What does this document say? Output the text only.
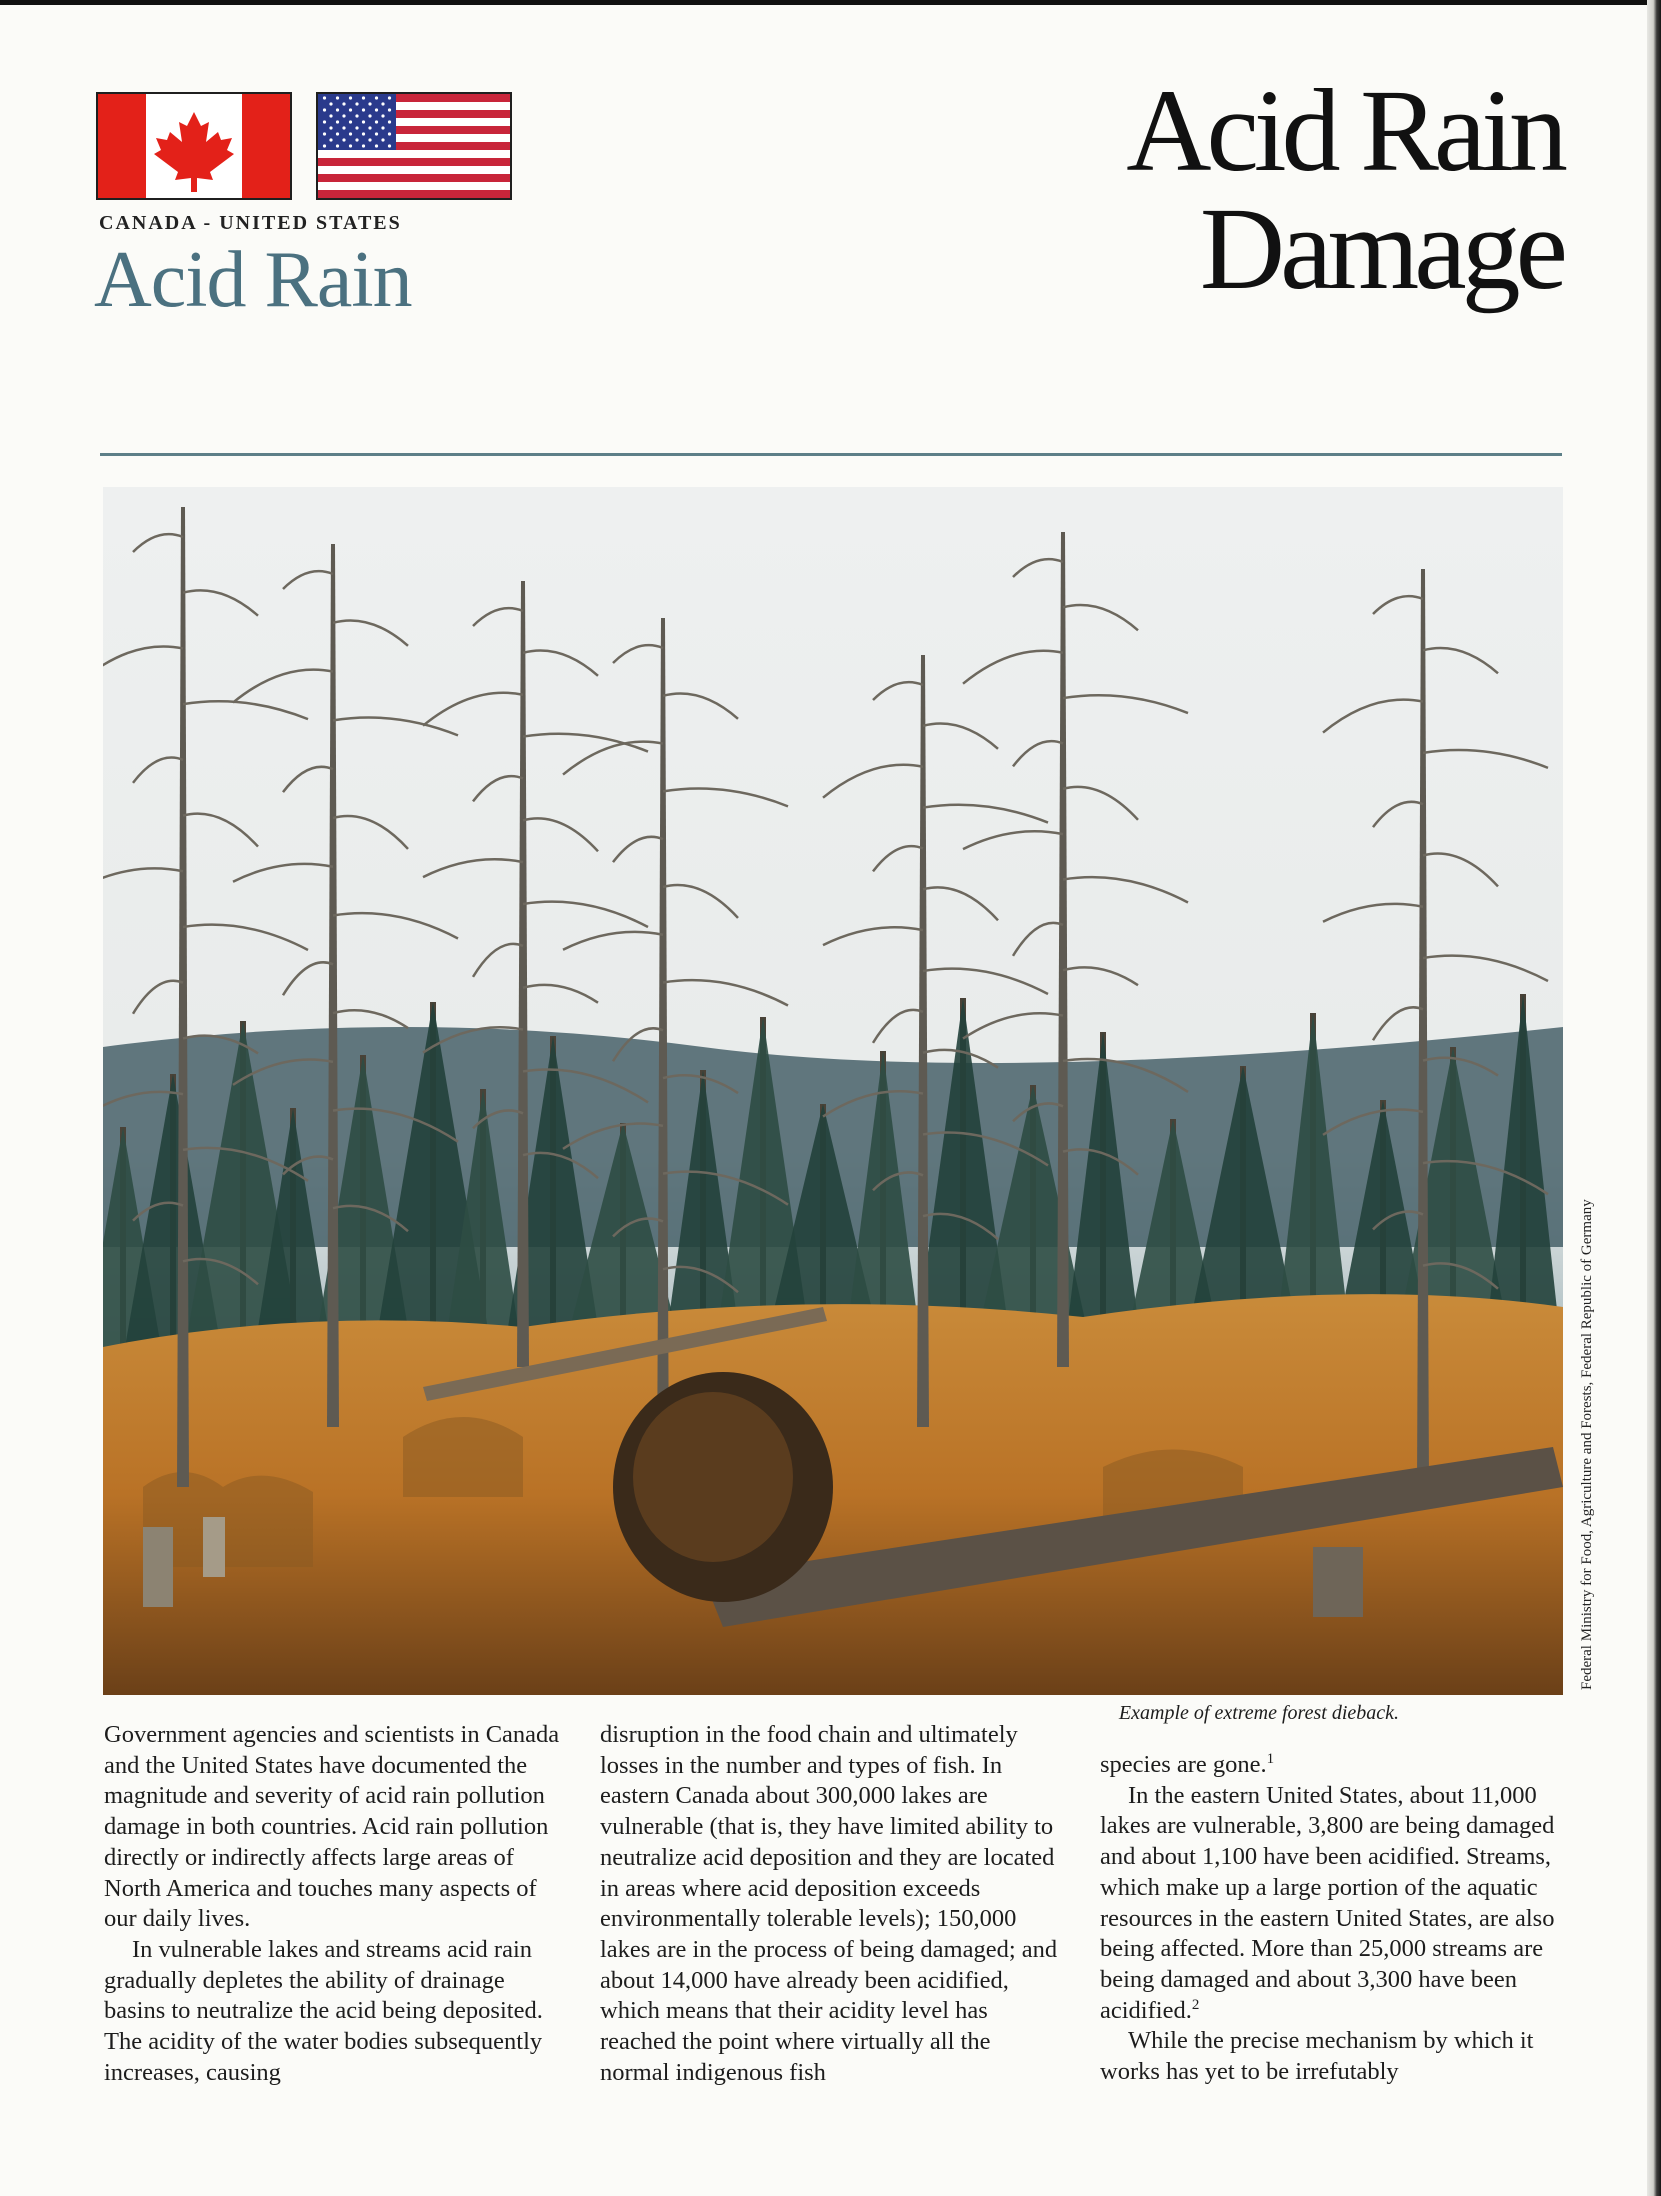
CANADA - UNITED STATES
Acid Rain
Acid Rain
Damage
Federal Ministry for Food, Agriculture and Forests, Federal Republic of Germany
Example of extreme forest dieback.

Government agencies and scientists in Canada and the United States have documented the magnitude and severity of acid rain pollution damage in both countries. Acid rain pollution directly or indirectly affects large areas of North America and touches many aspects of our daily lives.

In vulnerable lakes and streams acid rain gradually depletes the ability of drainage basins to neutralize the acid being deposited. The acidity of the water bodies subsequently increases, causing

disruption in the food chain and ultimately losses in the number and types of fish. In eastern Canada about 300,000 lakes are vulnerable (that is, they have limited ability to neutralize acid deposition and they are located in areas where acid deposition exceeds environmentally tolerable levels); 150,000 lakes are in the process of being damaged; and about 14,000 have already been acidified, which means that their acidity level has reached the point where virtually all the normal indigenous fish

species are gone.$^1$

In the eastern United States, about 11,000 lakes are vulnerable, 3,800 are being damaged and about 1,100 have been acidified. Streams, which make up a large portion of the aquatic resources in the eastern United States, are also being affected. More than 25,000 streams are being damaged and about 3,300 have been acidified.$^2$

While the precise mechanism by which it works has yet to be irrefutably
